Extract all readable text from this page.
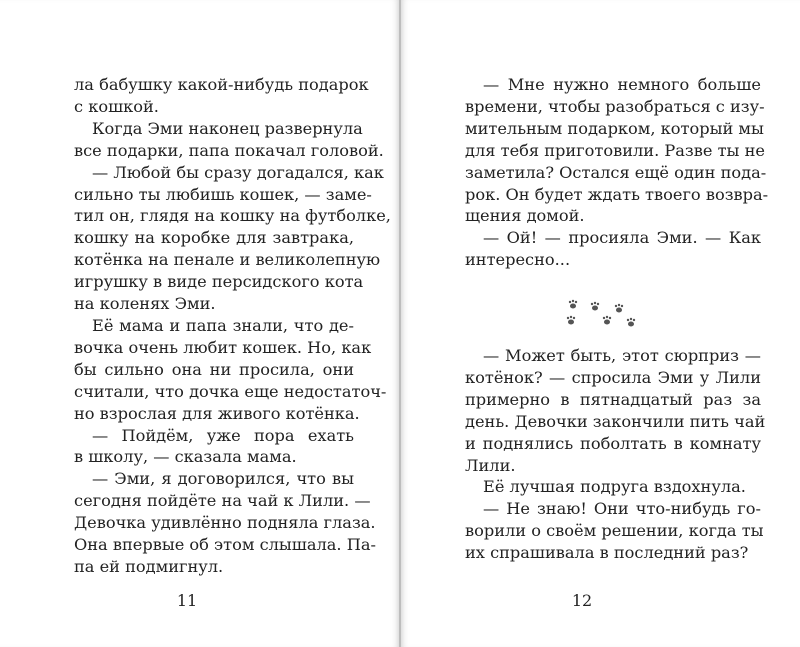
ла бабушку какой-нибудь подарок
с кошкой.
Когда Эми наконец развернула
все подарки, папа покачал головой.
— Любой бы сразу догадался, как
сильно ты любишь кошек, — заме-
тил он, глядя на кошку на футболке,
кошку на коробке для завтрака,
котёнка на пенале и великолепную
игрушку в виде персидского кота
на коленях Эми.
Её мама и папа знали, что де-
вочка очень любит кошек. Но, как
бы сильно она ни просила, они
считали, что дочка еще недостаточ-
но взрослая для живого котёнка.
— Пойдём, уже пора ехать
в школу, — сказала мама.
— Эми, я договорился, что вы
сегодня пойдёте на чай к Лили. —
Девочка удивлённо подняла глаза.
Она впервые об этом слышала. Па-
па ей подмигнул.
11
— Мне нужно немного больше
времени, чтобы разобраться с изу-
мительным подарком, который мы
для тебя приготовили. Разве ты не
заметила? Остался ещё один пода-
рок. Он будет ждать твоего возвра-
щения домой.
— Ой! — просияла Эми. — Как
интересно...
— Может быть, этот сюрприз —
котёнок? — спросила Эми у Лили
примерно в пятнадцатый раз за
день. Девочки закончили пить чай
и поднялись поболтать в комнату
Лили.
Её лучшая подруга вздохнула.
— Не знаю! Они что-нибудь го-
ворили о своём решении, когда ты
их спрашивала в последний раз?
12
